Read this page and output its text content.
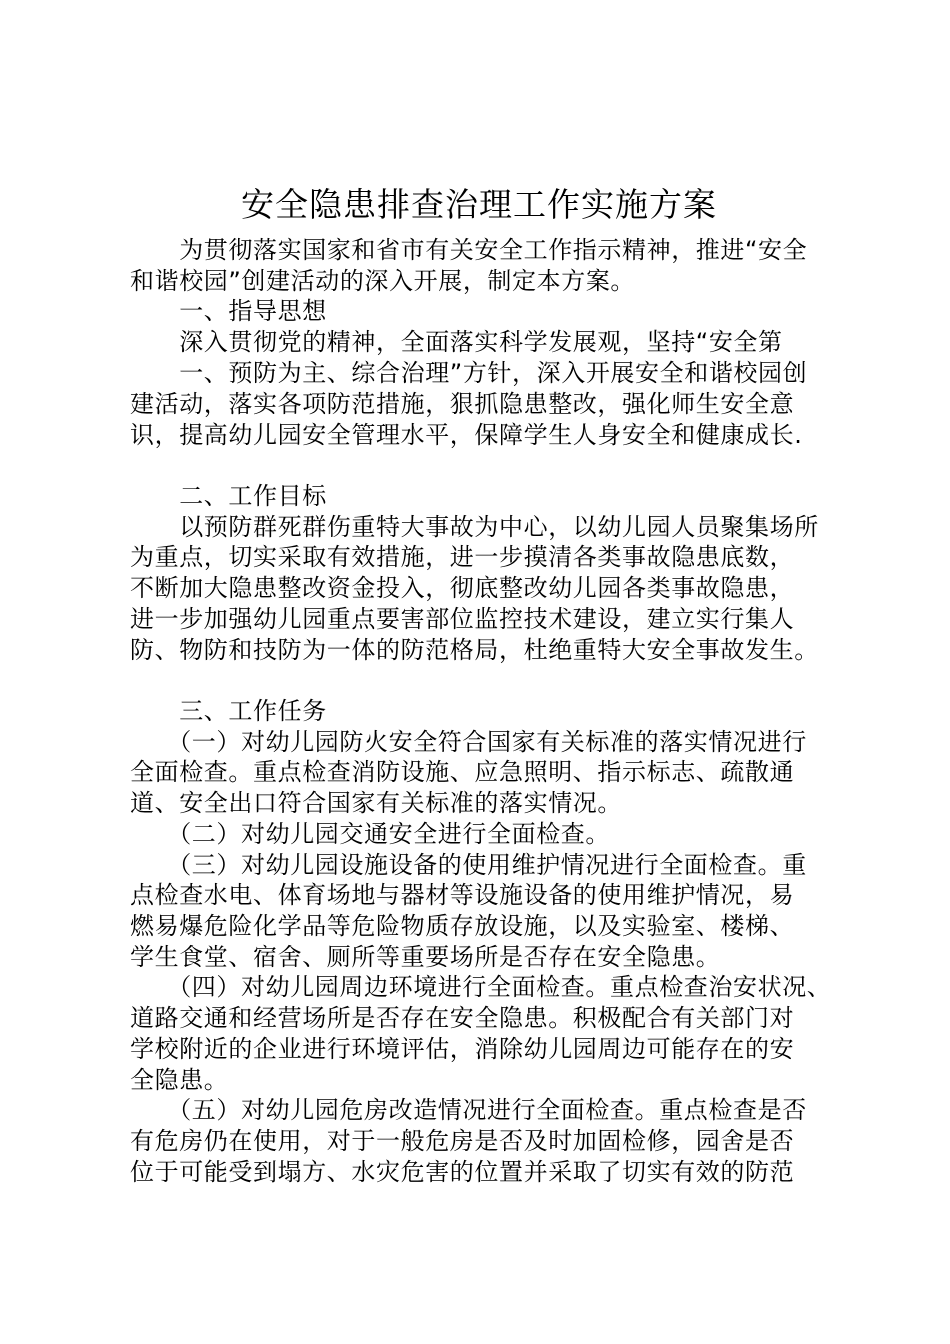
安全隐患排查治理工作实施方案

　　为贯彻落实国家和省市有关安全工作指示精神，推进“安全

和谐校园”创建活动的深入开展，制定本方案。

　　一、指导思想

　　深入贯彻党的精神，全面落实科学发展观，坚持“安全第

　　一、预防为主、综合治理”方针，深入开展安全和谐校园创

建活动，落实各项防范措施，狠抓隐患整改，强化师生安全意

识，提高幼儿园安全管理水平，保障学生人身安全和健康成长.

　　二、工作目标

　　以预防群死群伤重特大事故为中心，以幼儿园人员聚集场所

为重点，切实采取有效措施，进一步摸清各类事故隐患底数，

不断加大隐患整改资金投入，彻底整改幼儿园各类事故隐患，

进一步加强幼儿园重点要害部位监控技术建设，建立实行集人

防、物防和技防为一体的防范格局，杜绝重特大安全事故发生。

　　三、工作任务

　　（一）对幼儿园防火安全符合国家有关标准的落实情况进行

全面检查。重点检查消防设施、应急照明、指示标志、疏散通

道、安全出口符合国家有关标准的落实情况。

　　（二）对幼儿园交通安全进行全面检查。

　　（三）对幼儿园设施设备的使用维护情况进行全面检查。重

点检查水电、体育场地与器材等设施设备的使用维护情况，易

燃易爆危险化学品等危险物质存放设施，以及实验室、楼梯、

学生食堂、宿舍、厕所等重要场所是否存在安全隐患。

　　（四）对幼儿园周边环境进行全面检查。重点检查治安状况、

道路交通和经营场所是否存在安全隐患。积极配合有关部门对

学校附近的企业进行环境评估，消除幼儿园周边可能存在的安

全隐患。

　　（五）对幼儿园危房改造情况进行全面检查。重点检查是否

有危房仍在使用，对于一般危房是否及时加固检修，园舍是否

位于可能受到塌方、水灾危害的位置并采取了切实有效的防范
